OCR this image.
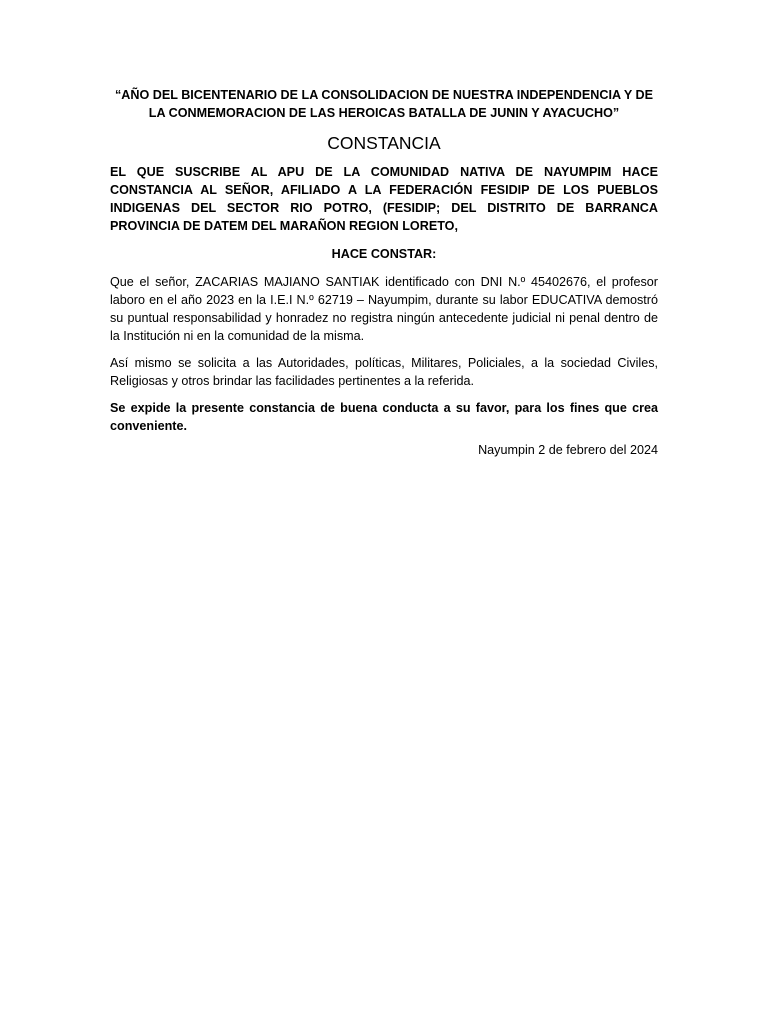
“AÑO DEL BICENTENARIO DE LA CONSOLIDACION DE NUESTRA INDEPENDENCIA Y DE LA CONMEMORACION DE LAS HEROICAS BATALLA DE JUNIN Y AYACUCHO”

CONSTANCIA

EL QUE SUSCRIBE AL APU DE LA COMUNIDAD NATIVA DE NAYUMPIM HACE CONSTANCIA AL SEÑOR, AFILIADO A LA FEDERACIÓN FESIDIP DE LOS PUEBLOS INDIGENAS DEL SECTOR RIO POTRO, (FESIDIP; DEL DISTRITO DE BARRANCA PROVINCIA DE DATEM DEL MARAÑON REGION LORETO,

HACE CONSTAR:

Que el señor, ZACARIAS MAJIANO SANTIAK identificado con DNI N.º 45402676, el profesor laboro en el año 2023 en la I.E.I N.º 62719 – Nayumpim, durante su labor EDUCATIVA demostró su puntual responsabilidad y honradez no registra ningún antecedente judicial ni penal dentro de la Institución ni en la comunidad de la misma.

Así mismo se solicita a las Autoridades, políticas, Militares, Policiales, a la sociedad Civiles, Religiosas y otros brindar las facilidades pertinentes a la referida.

Se expide la presente constancia de buena conducta a su favor, para los fines que crea conveniente.

Nayumpin 2 de febrero del 2024
